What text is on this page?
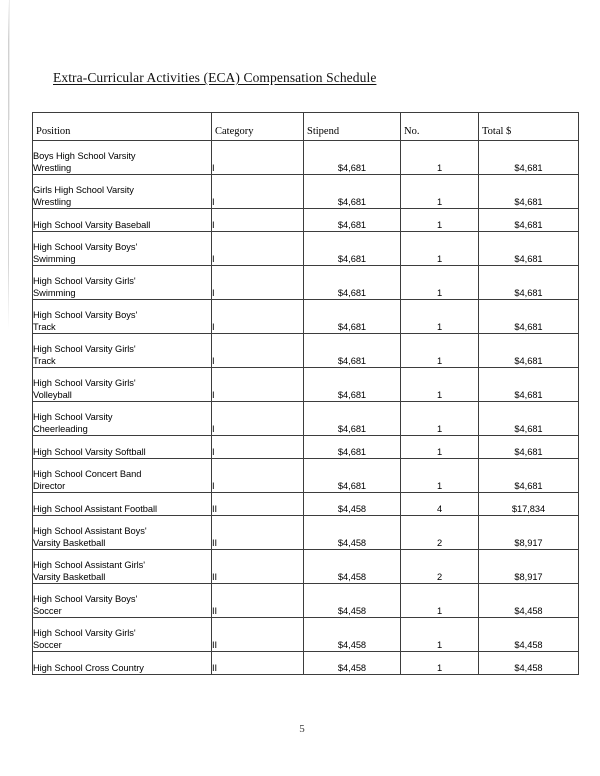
Extra-Curricular Activities (ECA) Compensation Schedule
Position	Category	Stipend	No.	Total $

Boys High School Varsity
Wrestling	I	$4,681	1	$4,681

Girls High School Varsity
Wrestling	I	$4,681	1	$4,681

High School Varsity Baseball	I	$4,681	1	$4,681

High School Varsity Boys'
Swimming	I	$4,681	1	$4,681

High School Varsity Girls'
Swimming	I	$4,681	1	$4,681

High School Varsity Boys'
Track	I	$4,681	1	$4,681

High School Varsity Girls'
Track	I	$4,681	1	$4,681

High School Varsity Girls'
Volleyball	I	$4,681	1	$4,681

High School Varsity
Cheerleading	I	$4,681	1	$4,681

High School Varsity Softball	I	$4,681	1	$4,681

High School Concert Band
Director	I	$4,681	1	$4,681

High School Assistant Football	II	$4,458	4	$17,834

High School Assistant Boys'
Varsity Basketball	II	$4,458	2	$8,917

High School Assistant Girls'
Varsity Basketball	II	$4,458	2	$8,917

High School Varsity Boys'
Soccer	II	$4,458	1	$4,458

High School Varsity Girls'
Soccer	II	$4,458	1	$4,458

High School Cross Country	II	$4,458	1	$4,458
5
